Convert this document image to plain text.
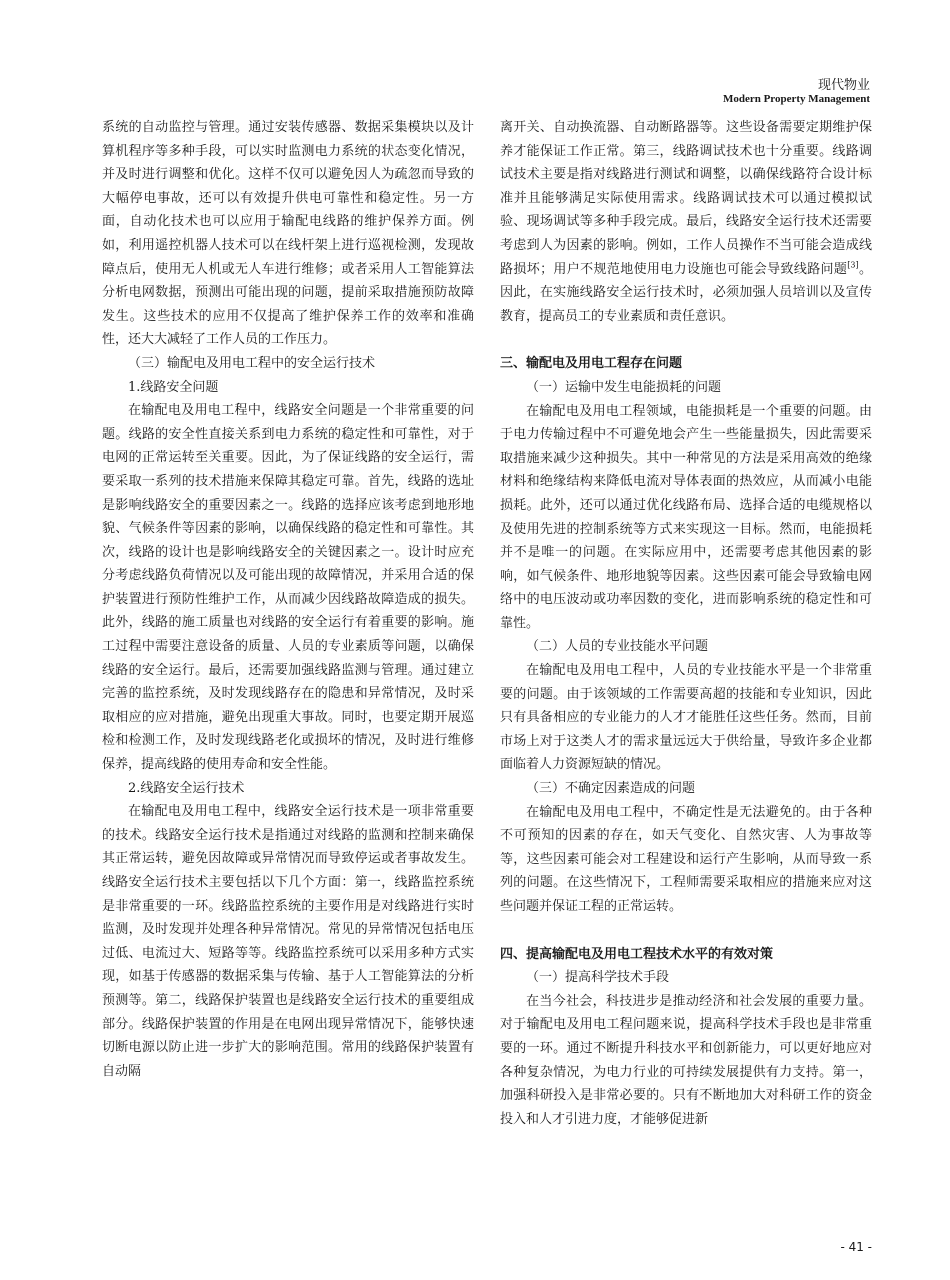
现代物业
Modern Property Management

系统的自动监控与管理。通过安装传感器、数据采集模块以及计算机程序等多种手段，可以实时监测电力系统的状态变化情况，并及时进行调整和优化。这样不仅可以避免因人为疏忽而导致的大幅停电事故，还可以有效提升供电可靠性和稳定性。另一方面，自动化技术也可以应用于输配电线路的维护保养方面。例如，利用遥控机器人技术可以在线杆架上进行巡视检测，发现故障点后，使用无人机或无人车进行维修；或者采用人工智能算法分析电网数据，预测出可能出现的问题，提前采取措施预防故障发生。这些技术的应用不仅提高了维护保养工作的效率和准确性，还大大减轻了工作人员的工作压力。

（三）输配电及用电工程中的安全运行技术

1.线路安全问题

在输配电及用电工程中，线路安全问题是一个非常重要的问题。线路的安全性直接关系到电力系统的稳定性和可靠性，对于电网的正常运转至关重要。因此，为了保证线路的安全运行，需要采取一系列的技术措施来保障其稳定可靠。首先，线路的选址是影响线路安全的重要因素之一。线路的选择应该考虑到地形地貌、气候条件等因素的影响，以确保线路的稳定性和可靠性。其次，线路的设计也是影响线路安全的关键因素之一。设计时应充分考虑线路负荷情况以及可能出现的故障情况，并采用合适的保护装置进行预防性维护工作，从而减少因线路故障造成的损失。此外，线路的施工质量也对线路的安全运行有着重要的影响。施工过程中需要注意设备的质量、人员的专业素质等问题，以确保线路的安全运行。最后，还需要加强线路监测与管理。通过建立完善的监控系统，及时发现线路存在的隐患和异常情况，及时采取相应的应对措施，避免出现重大事故。同时，也要定期开展巡检和检测工作，及时发现线路老化或损坏的情况，及时进行维修保养，提高线路的使用寿命和安全性能。

2.线路安全运行技术

在输配电及用电工程中，线路安全运行技术是一项非常重要的技术。线路安全运行技术是指通过对线路的监测和控制来确保其正常运转，避免因故障或异常情况而导致停运或者事故发生。线路安全运行技术主要包括以下几个方面：第一，线路监控系统是非常重要的一环。线路监控系统的主要作用是对线路进行实时监测，及时发现并处理各种异常情况。常见的异常情况包括电压过低、电流过大、短路等等。线路监控系统可以采用多种方式实现，如基于传感器的数据采集与传输、基于人工智能算法的分析预测等。第二，线路保护装置也是线路安全运行技术的重要组成部分。线路保护装置的作用是在电网出现异常情况下，能够快速切断电源以防止进一步扩大的影响范围。常用的线路保护装置有自动隔

离开关、自动换流器、自动断路器等。这些设备需要定期维护保养才能保证工作正常。第三，线路调试技术也十分重要。线路调试技术主要是指对线路进行测试和调整，以确保线路符合设计标准并且能够满足实际使用需求。线路调试技术可以通过模拟试验、现场调试等多种手段完成。最后，线路安全运行技术还需要考虑到人为因素的影响。例如，工作人员操作不当可能会造成线路损坏；用户不规范地使用电力设施也可能会导致线路问题[3]。因此，在实施线路安全运行技术时，必须加强人员培训以及宣传教育，提高员工的专业素质和责任意识。

三、输配电及用电工程存在问题

（一）运输中发生电能损耗的问题

在输配电及用电工程领域，电能损耗是一个重要的问题。由于电力传输过程中不可避免地会产生一些能量损失，因此需要采取措施来减少这种损失。其中一种常见的方法是采用高效的绝缘材料和绝缘结构来降低电流对导体表面的热效应，从而减小电能损耗。此外，还可以通过优化线路布局、选择合适的电缆规格以及使用先进的控制系统等方式来实现这一目标。然而，电能损耗并不是唯一的问题。在实际应用中，还需要考虑其他因素的影响，如气候条件、地形地貌等因素。这些因素可能会导致输电网络中的电压波动或功率因数的变化，进而影响系统的稳定性和可靠性。

（二）人员的专业技能水平问题

在输配电及用电工程中，人员的专业技能水平是一个非常重要的问题。由于该领域的工作需要高超的技能和专业知识，因此只有具备相应的专业能力的人才才能胜任这些任务。然而，目前市场上对于这类人才的需求量远远大于供给量，导致许多企业都面临着人力资源短缺的情况。

（三）不确定因素造成的问题

在输配电及用电工程中，不确定性是无法避免的。由于各种不可预知的因素的存在，如天气变化、自然灾害、人为事故等等，这些因素可能会对工程建设和运行产生影响，从而导致一系列的问题。在这些情况下，工程师需要采取相应的措施来应对这些问题并保证工程的正常运转。

四、提高输配电及用电工程技术水平的有效对策

（一）提高科学技术手段

在当今社会，科技进步是推动经济和社会发展的重要力量。对于输配电及用电工程问题来说，提高科学技术手段也是非常重要的一环。通过不断提升科技水平和创新能力，可以更好地应对各种复杂情况，为电力行业的可持续发展提供有力支持。第一，加强科研投入是非常必要的。只有不断地加大对科研工作的资金投入和人才引进力度，才能够促进新

- 41 -
